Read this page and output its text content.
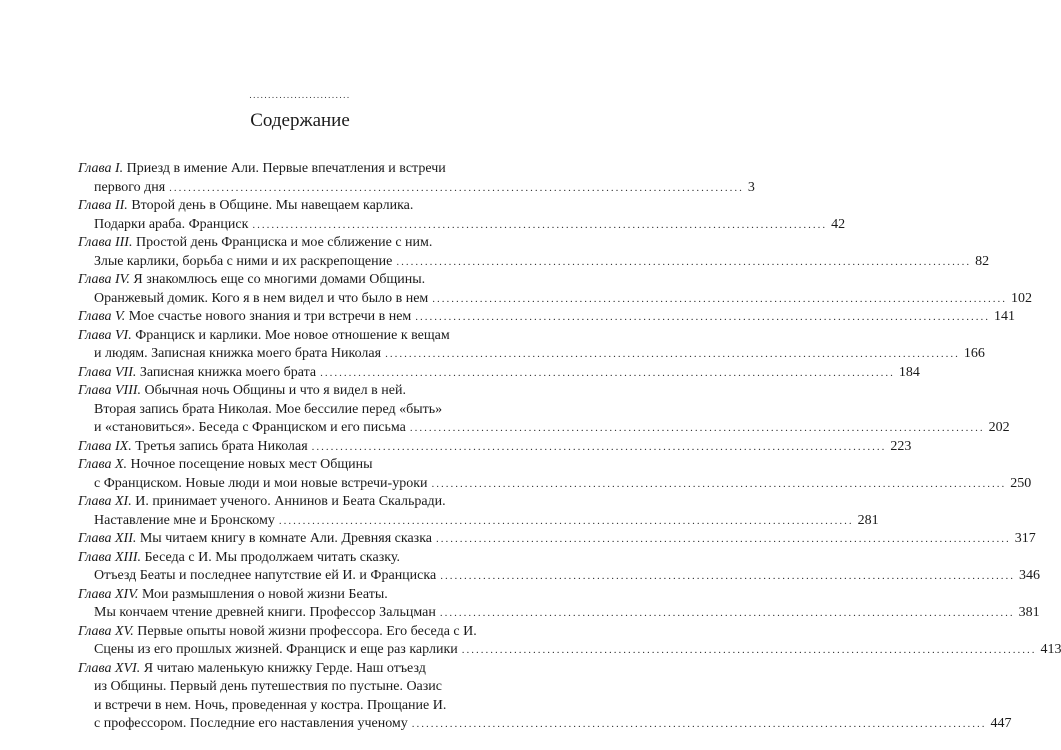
...........................
Содержание
Глава I. Приезд в имение Али. Первые впечатления и встречи
первого дня ......................................................................................................................... 3
Глава II. Второй день в Общине. Мы навещаем карлика.
Подарки араба. Франциск ......................................................................................................................... 42
Глава III. Простой день Франциска и мое сближение с ним.
Злые карлики, борьба с ними и их раскрепощение ......................................................................................................................... 82
Глава IV. Я знакомлюсь еще со многими домами Общины.
Оранжевый домик. Кого я в нем видел и что было в нем ......................................................................................................................... 102
Глава V. Мое счастье нового знания и три встречи в нем ......................................................................................................................... 141
Глава VI. Франциск и карлики. Мое новое отношение к вещам
и людям. Записная книжка моего брата Николая ......................................................................................................................... 166
Глава VII. Записная книжка моего брата ......................................................................................................................... 184
Глава VIII. Обычная ночь Общины и что я видел в ней.
Вторая запись брата Николая. Мое бессилие перед «быть»
и «становиться». Беседа с Франциском и его письма ......................................................................................................................... 202
Глава IX. Третья запись брата Николая ......................................................................................................................... 223
Глава X. Ночное посещение новых мест Общины
с Франциском. Новые люди и мои новые встречи-уроки ......................................................................................................................... 250
Глава XI. И. принимает ученого. Аннинов и Беата Скальради.
Наставление мне и Бронскому ......................................................................................................................... 281
Глава XII. Мы читаем книгу в комнате Али. Древняя сказка ......................................................................................................................... 317
Глава XIII. Беседа с И. Мы продолжаем читать сказку.
Отъезд Беаты и последнее напутствие ей И. и Франциска ......................................................................................................................... 346
Глава XIV. Мои размышления о новой жизни Беаты.
Мы кончаем чтение древней книги. Профессор Зальцман ......................................................................................................................... 381
Глава XV. Первые опыты новой жизни профессора. Его беседа с И.
Сцены из его прошлых жизней. Франциск и еще раз карлики ......................................................................................................................... 413
Глава XVI. Я читаю маленькую книжку Герде. Наш отъезд
из Общины. Первый день путешествия по пустыне. Оазис
и встречи в нем. Ночь, проведенная у костра. Прощание И.
с профессором. Последние его наставления ученому ......................................................................................................................... 447
